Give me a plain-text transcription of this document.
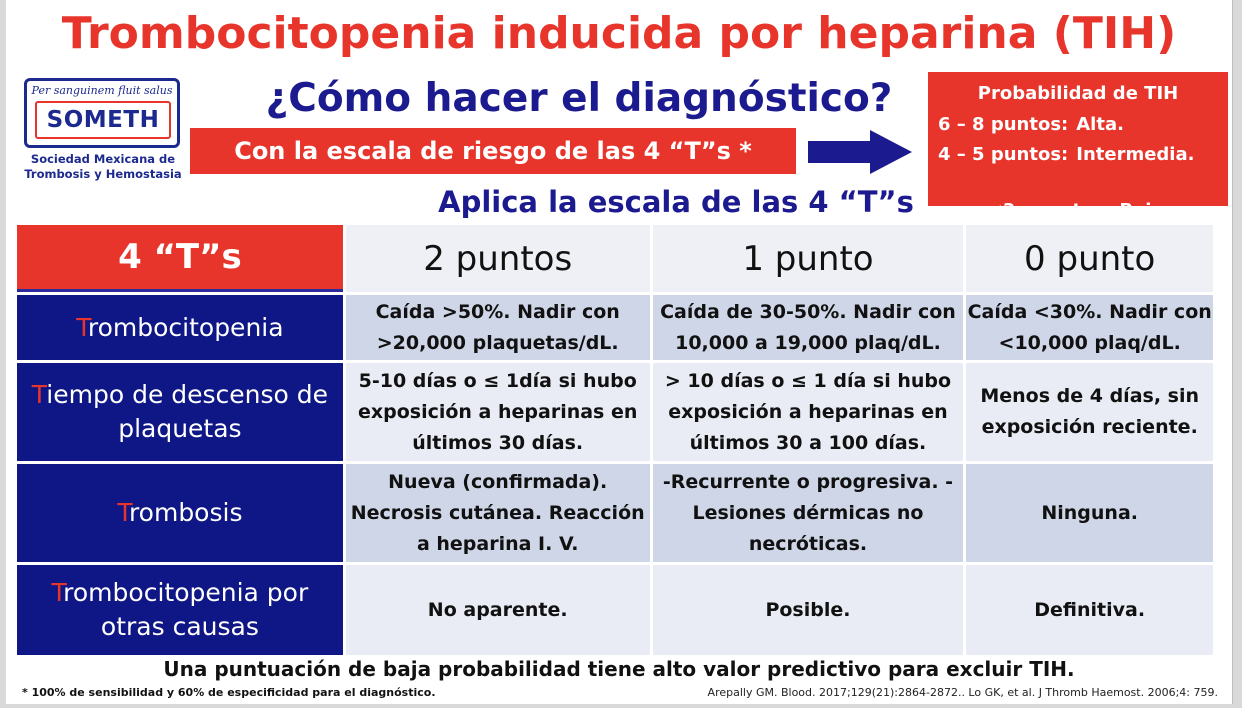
Trombocitopenia inducida por heparina (TIH)
Per sanguinem fluit salus
SOMETH
Sociedad Mexicana de
Trombosis y Hemostasia
¿Cómo hacer el diagnóstico?
Con la escala de riesgo de las 4 “T”s *
Probabilidad de TIH
6 – 8 puntos: Alta.
4 – 5 puntos: Intermedia.

<3   puntos: Baja.

Aplica la escala de las 4 “T”s
4 “T”s	2 puntos	1 punto	0 punto
Trombocitopenia	Caída >50%. Nadir con >20,000 plaquetas/dL.	Caída de 30-50%. Nadir con 10,000 a 19,000 plaq/dL.	Caída <30%. Nadir con <10,000 plaq/dL.
Tiempo de descenso de plaquetas	5-10 días o ≤ 1día si hubo exposición a heparinas en últimos 30 días.	> 10 días o ≤ 1 día si hubo exposición a heparinas en últimos 30 a 100 días.	Menos de 4 días, sin exposición reciente.
Trombosis	Nueva (confirmada). Necrosis cutánea. Reacción a heparina I. V.	-Recurrente o progresiva. -Lesiones dérmicas no necróticas.	Ninguna.
Trombocitopenia por otras causas	No aparente.	Posible.	Definitiva.
Una puntuación de baja probabilidad tiene alto valor predictivo para excluir TIH.
* 100% de sensibilidad y 60% de especificidad para el diagnóstico.	Arepally GM. Blood. 2017;129(21):2864-2872.. Lo GK, et al. J Thromb Haemost. 2006;4: 759.
